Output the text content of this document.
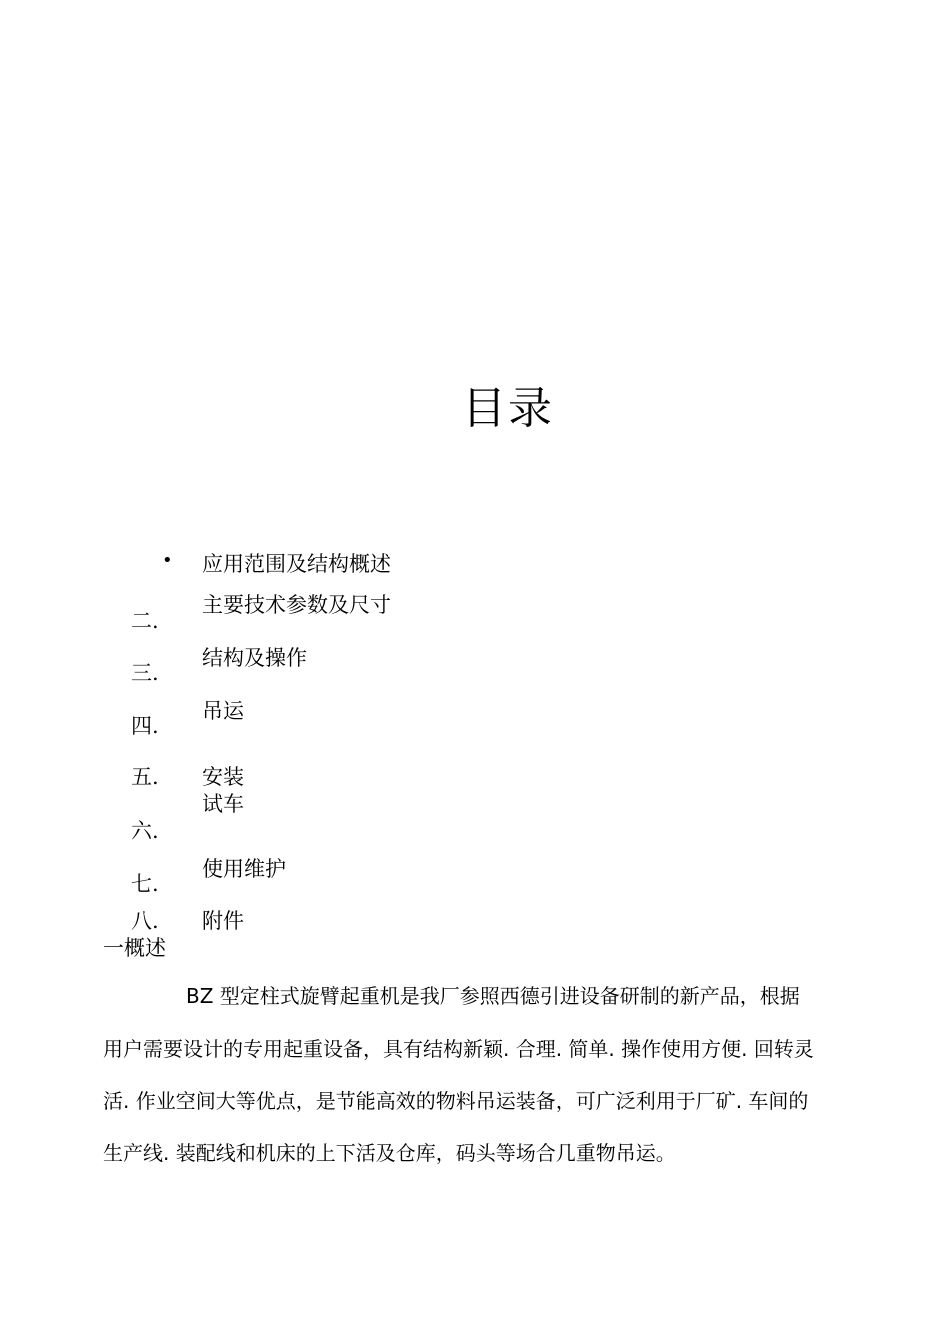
目录
• 应用范围及结构概述
二.
主要技术参数及尺寸
三.
结构及操作
四.
吊运
五. 安装
六.
试车
七.
使用维护
八. 附件
一概述
BZ 型定柱式旋臂起重机是我厂参照西德引进设备研制的新产品，根据
用户需要设计的专用起重设备，具有结构新颖. 合理. 简单. 操作使用方便. 回转灵
活. 作业空间大等优点，是节能高效的物料吊运装备，可广泛利用于厂矿. 车间的
生产线. 装配线和机床的上下活及仓库，码头等场合几重物吊运。
